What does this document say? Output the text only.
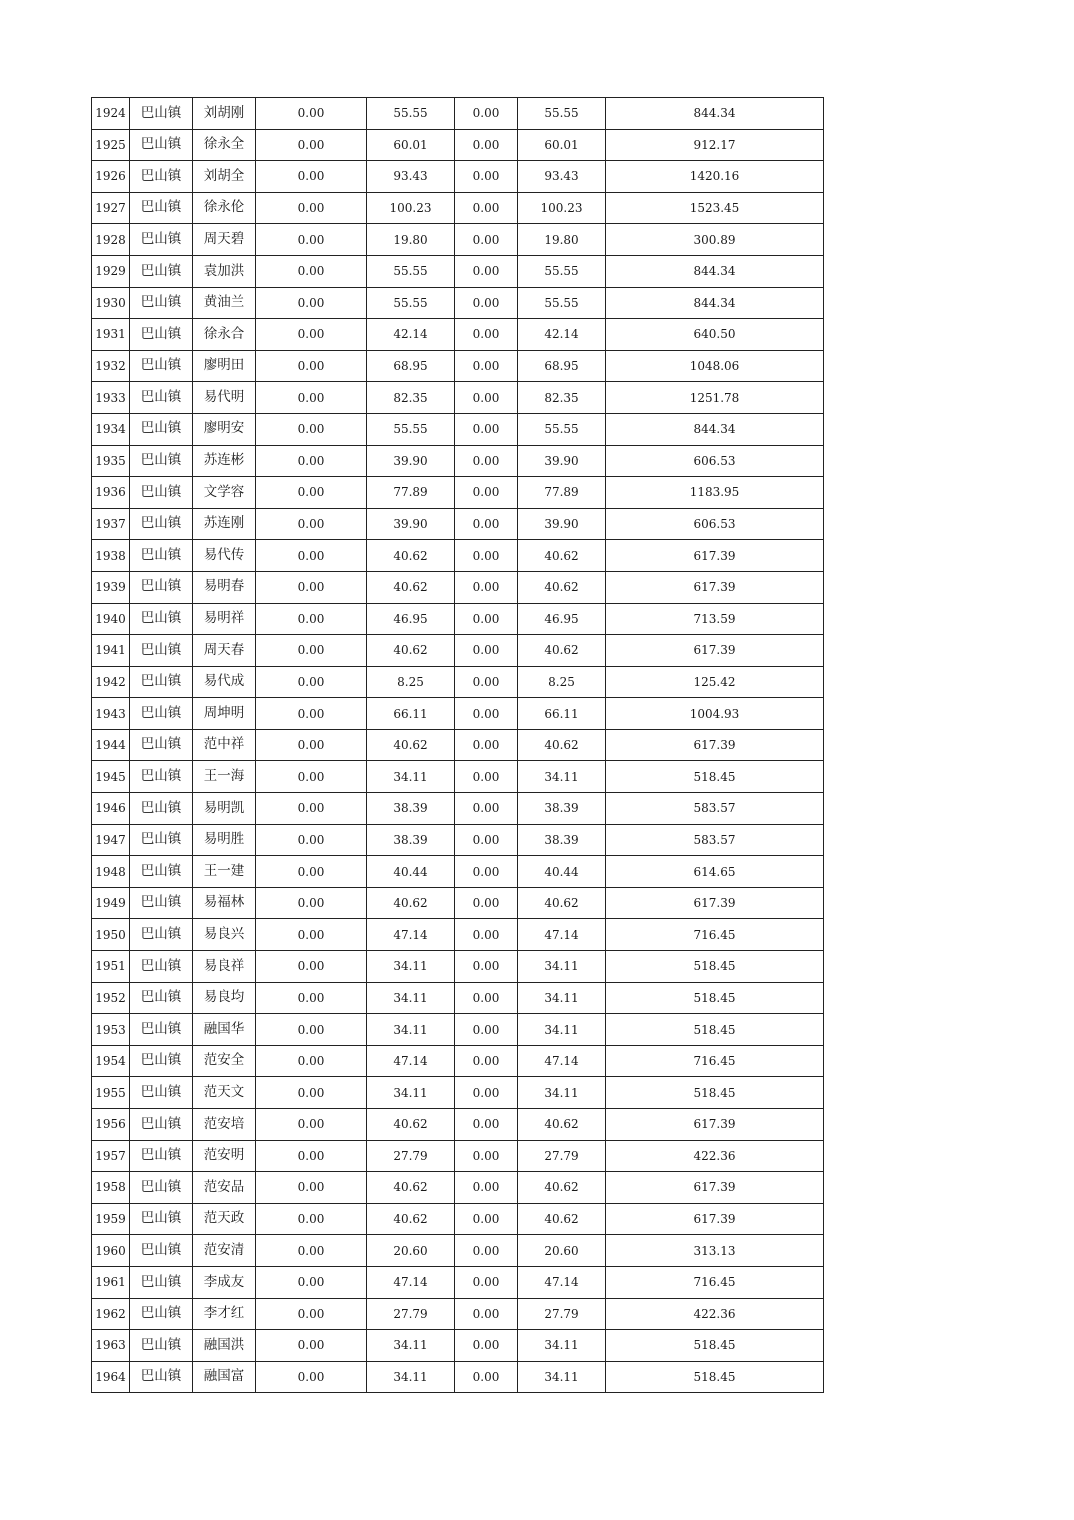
1924	巴山镇	刘胡刚	0.00	55.55	0.00	55.55	844.34
1925	巴山镇	徐永全	0.00	60.01	0.00	60.01	912.17
1926	巴山镇	刘胡全	0.00	93.43	0.00	93.43	1420.16
1927	巴山镇	徐永伦	0.00	100.23	0.00	100.23	1523.45
1928	巴山镇	周天碧	0.00	19.80	0.00	19.80	300.89
1929	巴山镇	袁加洪	0.00	55.55	0.00	55.55	844.34
1930	巴山镇	黄油兰	0.00	55.55	0.00	55.55	844.34
1931	巴山镇	徐永合	0.00	42.14	0.00	42.14	640.50
1932	巴山镇	廖明田	0.00	68.95	0.00	68.95	1048.06
1933	巴山镇	易代明	0.00	82.35	0.00	82.35	1251.78
1934	巴山镇	廖明安	0.00	55.55	0.00	55.55	844.34
1935	巴山镇	苏连彬	0.00	39.90	0.00	39.90	606.53
1936	巴山镇	文学容	0.00	77.89	0.00	77.89	1183.95
1937	巴山镇	苏连刚	0.00	39.90	0.00	39.90	606.53
1938	巴山镇	易代传	0.00	40.62	0.00	40.62	617.39
1939	巴山镇	易明春	0.00	40.62	0.00	40.62	617.39
1940	巴山镇	易明祥	0.00	46.95	0.00	46.95	713.59
1941	巴山镇	周天春	0.00	40.62	0.00	40.62	617.39
1942	巴山镇	易代成	0.00	8.25	0.00	8.25	125.42
1943	巴山镇	周坤明	0.00	66.11	0.00	66.11	1004.93
1944	巴山镇	范中祥	0.00	40.62	0.00	40.62	617.39
1945	巴山镇	王一海	0.00	34.11	0.00	34.11	518.45
1946	巴山镇	易明凯	0.00	38.39	0.00	38.39	583.57
1947	巴山镇	易明胜	0.00	38.39	0.00	38.39	583.57
1948	巴山镇	王一建	0.00	40.44	0.00	40.44	614.65
1949	巴山镇	易福林	0.00	40.62	0.00	40.62	617.39
1950	巴山镇	易良兴	0.00	47.14	0.00	47.14	716.45
1951	巴山镇	易良祥	0.00	34.11	0.00	34.11	518.45
1952	巴山镇	易良均	0.00	34.11	0.00	34.11	518.45
1953	巴山镇	融国华	0.00	34.11	0.00	34.11	518.45
1954	巴山镇	范安全	0.00	47.14	0.00	47.14	716.45
1955	巴山镇	范天文	0.00	34.11	0.00	34.11	518.45
1956	巴山镇	范安培	0.00	40.62	0.00	40.62	617.39
1957	巴山镇	范安明	0.00	27.79	0.00	27.79	422.36
1958	巴山镇	范安品	0.00	40.62	0.00	40.62	617.39
1959	巴山镇	范天政	0.00	40.62	0.00	40.62	617.39
1960	巴山镇	范安清	0.00	20.60	0.00	20.60	313.13
1961	巴山镇	李成友	0.00	47.14	0.00	47.14	716.45
1962	巴山镇	李才红	0.00	27.79	0.00	27.79	422.36
1963	巴山镇	融国洪	0.00	34.11	0.00	34.11	518.45
1964	巴山镇	融国富	0.00	34.11	0.00	34.11	518.45
